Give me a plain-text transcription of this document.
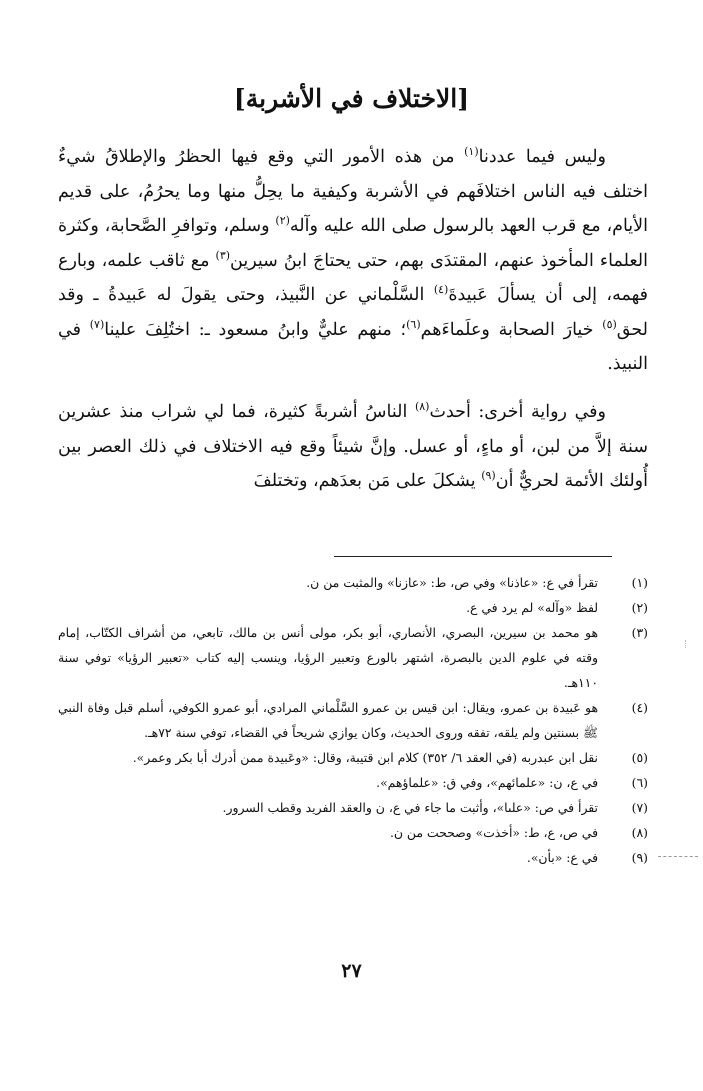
[الاختلاف في الأشربة]

وليس فيما عددنا$^{(١)}$ من هذه الأمور التي وقع فيها الحظرُ والإطلاقُ شيءٌ اختلف فيه الناس اختلافَهم في الأشربة وكيفية ما يحِلُّ منها وما يحرُمُ، على قديم الأيام، مع قرب العهد بالرسول صلى الله عليه وآله$^{(٢)}$ وسلم، وتوافرِ الصَّحابة، وكثرة العلماء المأخوذ عنهم، المقتدَى بهم، حتى يحتاجَ ابنُ سيرين$^{(٣)}$ مع ثاقب علمه، وبارع فهمه، إلى أن يسألَ عَبيدةَ$^{(٤)}$ السَّلْماني عن النَّبيذ، وحتى يقولَ له عَبيدةُ ـ وقد لحق$^{(٥)}$ خيارَ الصحابة وعلَماءَهم$^{(٦)}$؛ منهم عليٌّ وابنُ مسعود ـ: اختُلِفَ علينا$^{(٧)}$ في النبيذ.

وفي رواية أخرى: أحدث$^{(٨)}$ الناسُ أشربةً كثيرة، فما لي شراب منذ عشرين سنة إلاَّ من لبن، أو ماءٍ، أو عسل. وإنَّ شيئاً وقع فيه الاختلاف في ذلك العصر بين أُولئك الأئمة لحريٌّ أن$^{(٩)}$ يشكلَ على مَن بعدَهم، وتختلفَ

(١)
تقرأ في ع: «عاذنا» وفي ص، ط: «عازنا» والمثبت من ن.
(٢)
لفظ «وآله» لم يرد في ع.
(٣)
هو محمد بن سيرين، البصري، الأنصاري، أبو بكر، مولى أنس بن مالك، تابعي، من أشراف الكتّاب، إمام وقته في علوم الدين بالبصرة، اشتهر بالورع وتعبير الرؤيا، وينسب إليه كتاب «تعبير الرؤيا» توفي سنة ١١٠هـ.
(٤)
هو عَبيدة بن عمرو، ويقال: ابن قيس بن عمرو السَّلْماني المرادي، أبو عمرو الكوفي، أسلم قبل وفاة النبي ﷺ بسنتين ولم يلقه، تفقه وروى الحديث، وكان يوازي شريحاً في القضاء، توفي سنة ٧٢هـ.
(٥)
نقل ابن عبدربه (في العقد ٦/ ٣٥٢) كلام ابن قتيبة، وقال: «وعَبيدة ممن أدرك أبا بكر وعمر».
(٦)
في ع، ن: «علمائهم»، وفي ق: «علماؤهم».
(٧)
تقرأ في ص: «علىا»، وأثبت ما جاء في ع، ن والعقد الفريد وقطب السرور.
(٨)
في ص، ع، ط: «أخذت» وصححت من ن.
(٩)
في ع: «بأن».
٢٧
